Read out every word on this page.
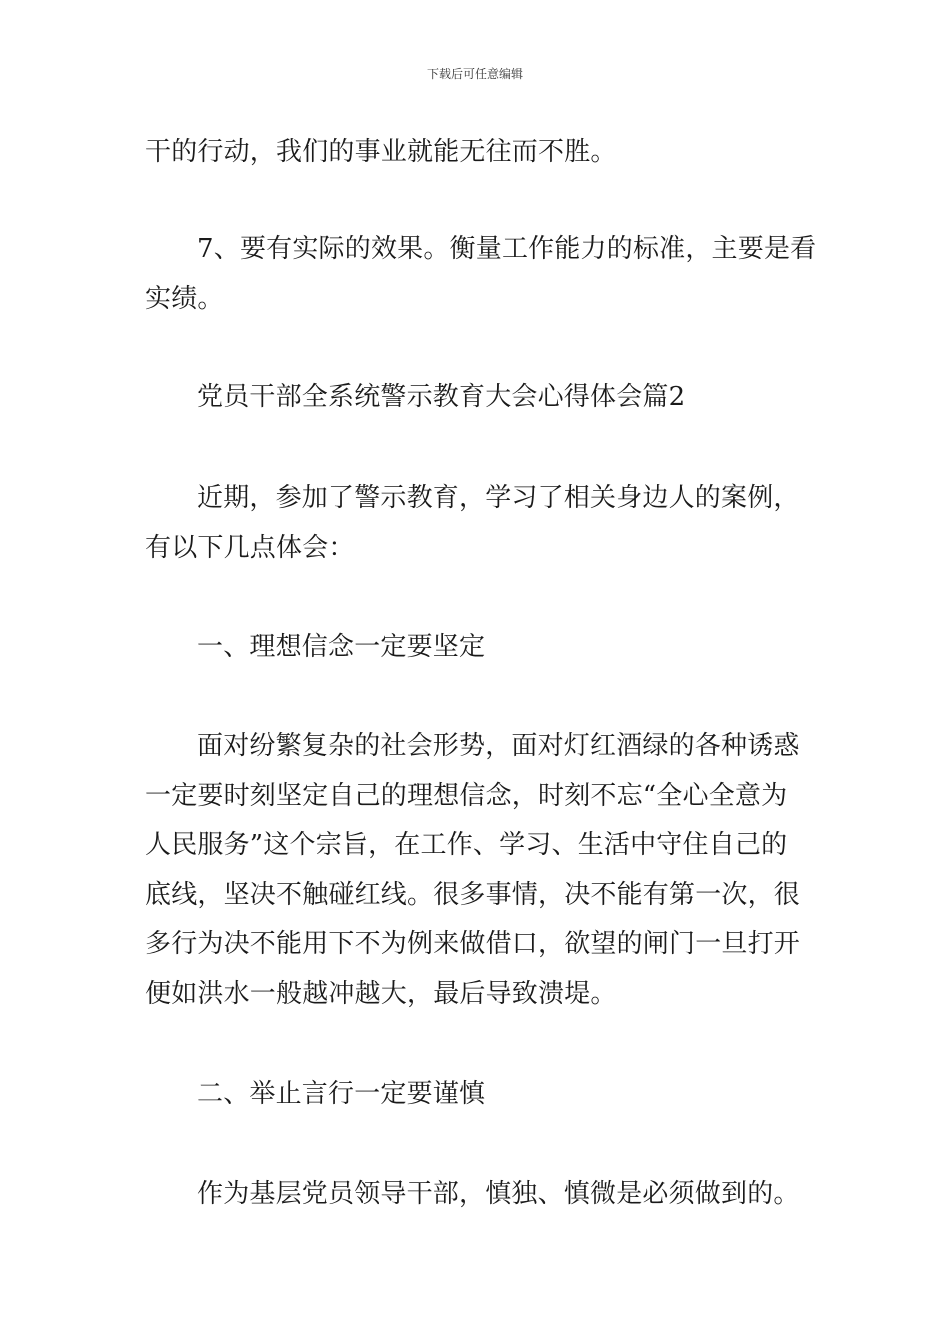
下载后可任意编辑
干的行动，我们的事业就能无往而不胜。
7、要有实际的效果。衡量工作能力的标准，主要是看
实绩。
党员干部全系统警示教育大会心得体会篇2
近期，参加了警示教育，学习了相关身边人的案例，
有以下几点体会：
一、理想信念一定要坚定
面对纷繁复杂的社会形势，面对灯红酒绿的各种诱惑
一定要时刻坚定自己的理想信念，时刻不忘“全心全意为
人民服务”这个宗旨，在工作、学习、生活中守住自己的
底线，坚决不触碰红线。很多事情，决不能有第一次，很
多行为决不能用下不为例来做借口，欲望的闸门一旦打开
便如洪水一般越冲越大，最后导致溃堤。
二、举止言行一定要谨慎
作为基层党员领导干部，慎独、慎微是必须做到的。
